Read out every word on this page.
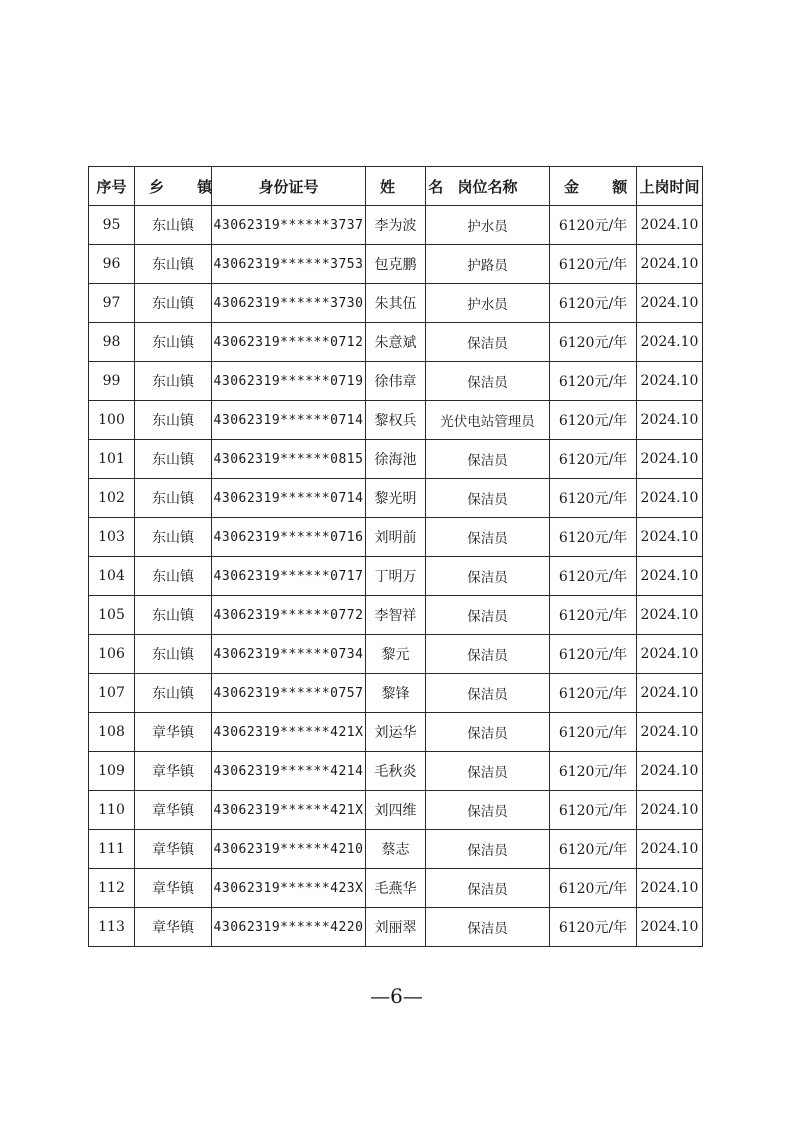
序号	乡 镇	身份证号	姓 名	岗位名称	金 额	上岗时间
95	东山镇	43062319******3737	李为波	护水员	6120元/年	2024.10
96	东山镇	43062319******3753	包克鹏	护路员	6120元/年	2024.10
97	东山镇	43062319******3730	朱其伍	护水员	6120元/年	2024.10
98	东山镇	43062319******0712	朱意斌	保洁员	6120元/年	2024.10
99	东山镇	43062319******0719	徐伟章	保洁员	6120元/年	2024.10
100	东山镇	43062319******0714	黎权兵	光伏电站管理员	6120元/年	2024.10
101	东山镇	43062319******0815	徐海池	保洁员	6120元/年	2024.10
102	东山镇	43062319******0714	黎光明	保洁员	6120元/年	2024.10
103	东山镇	43062319******0716	刘明前	保洁员	6120元/年	2024.10
104	东山镇	43062319******0717	丁明万	保洁员	6120元/年	2024.10
105	东山镇	43062319******0772	李智祥	保洁员	6120元/年	2024.10
106	东山镇	43062319******0734	黎元	保洁员	6120元/年	2024.10
107	东山镇	43062319******0757	黎锋	保洁员	6120元/年	2024.10
108	章华镇	43062319******421X	刘运华	保洁员	6120元/年	2024.10
109	章华镇	43062319******4214	毛秋炎	保洁员	6120元/年	2024.10
110	章华镇	43062319******421X	刘四维	保洁员	6120元/年	2024.10
111	章华镇	43062319******4210	蔡志	保洁员	6120元/年	2024.10
112	章华镇	43062319******423X	毛燕华	保洁员	6120元/年	2024.10
113	章华镇	43062319******4220	刘丽翠	保洁员	6120元/年	2024.10
—6—
